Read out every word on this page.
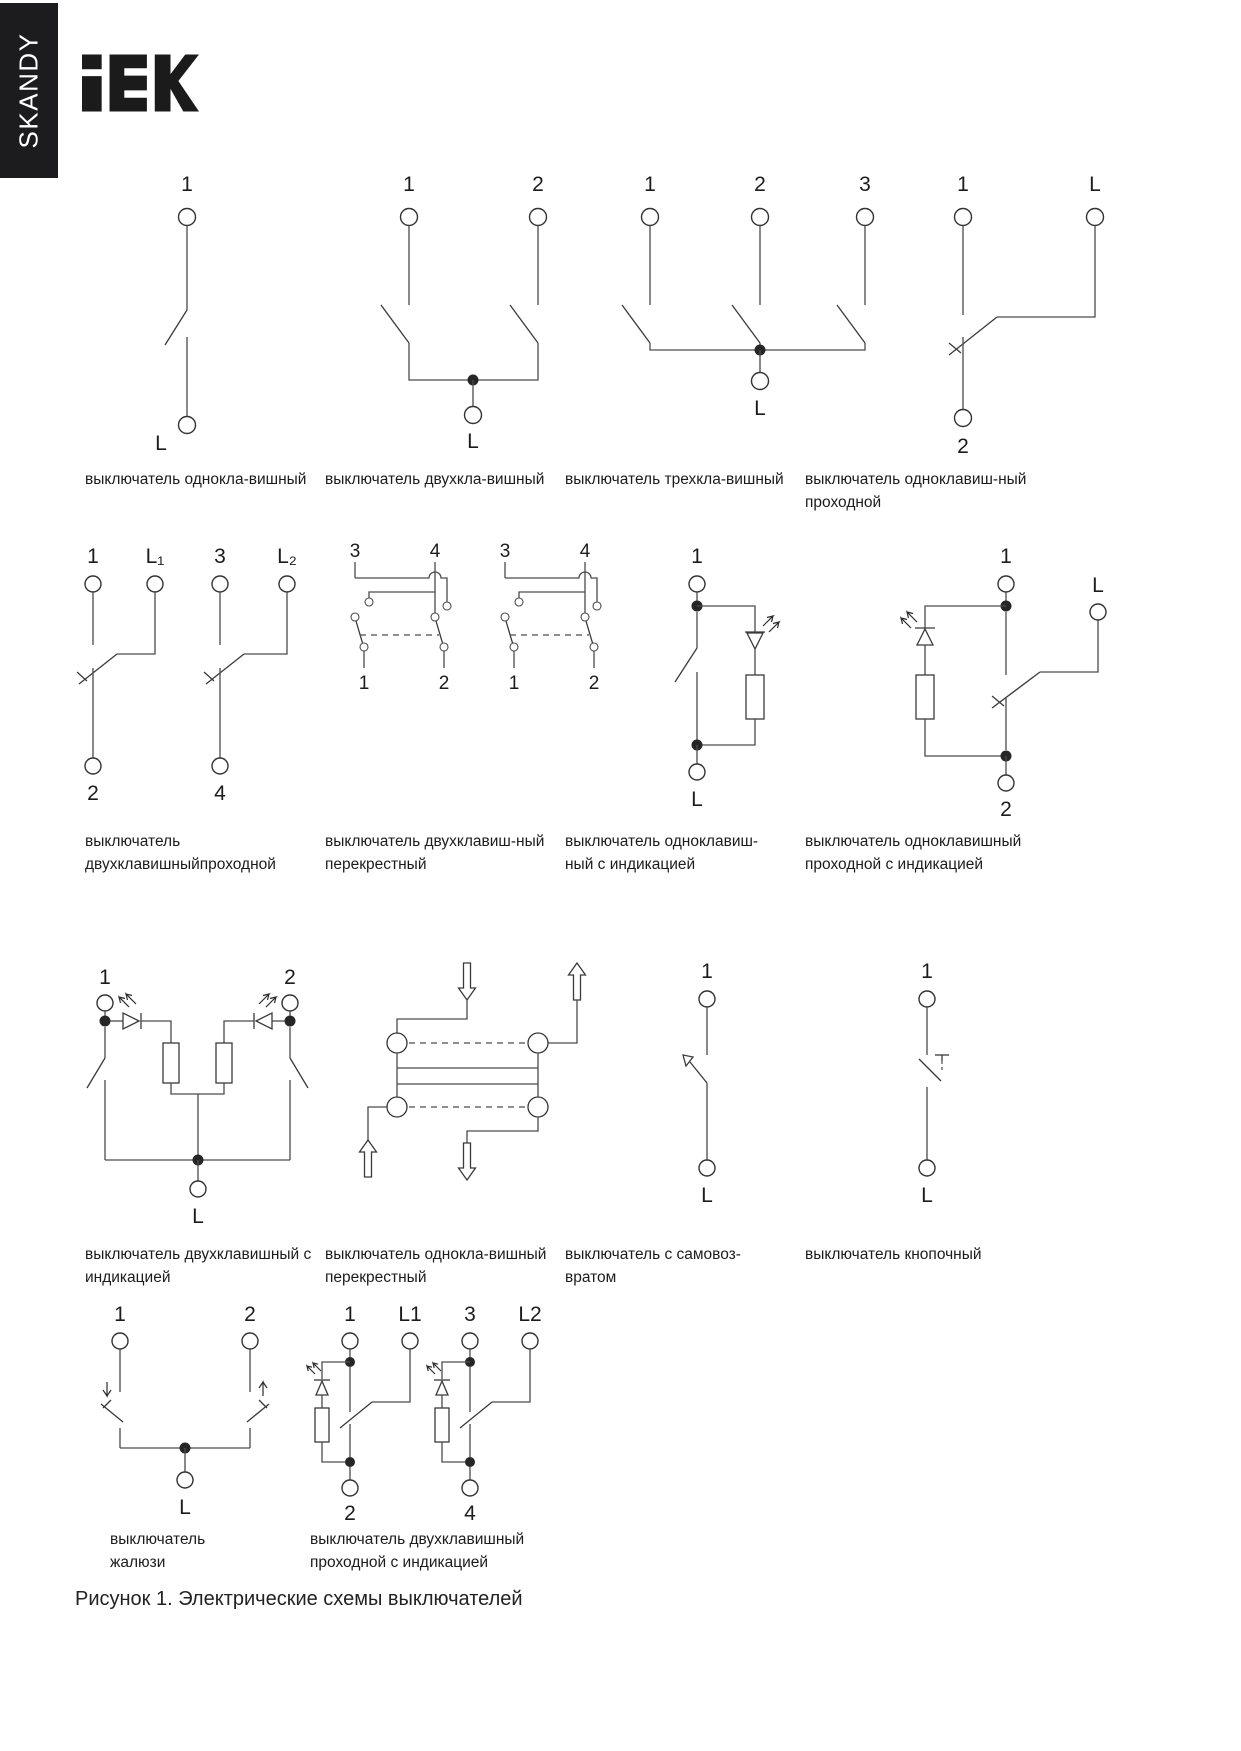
SKANDY
1
L
1	2
L
1	2	3
L
1	L
2
выключатель однокла-вишный	выключатель двухкла-вишный	выключатель трехкла-вишный	выключатель одноклавиш-ный
проходной
1 L₁ 3 L₂
2	4
3	4
1	2
3	4
1	2
1
L
1
L
2
выключатель
двухклавишныйпроходной
выключатель двухклавиш-ный
перекрестный
выключатель одноклавиш-
ный с индикацией
выключатель одноклавишный
проходной с индикацией
1	2
L
1
L
1
L
выключатель двухклавишный с
индикацией
выключатель однокла-вишный
перекрестный
выключатель с самовоз-
вратом
выключатель кнопочный
1	2
L
1 L1
2
3 L2
4
выключатель
жалюзи
выключатель двухклавишный
проходной с индикацией
Рисунок 1. Электрические схемы выключателей
